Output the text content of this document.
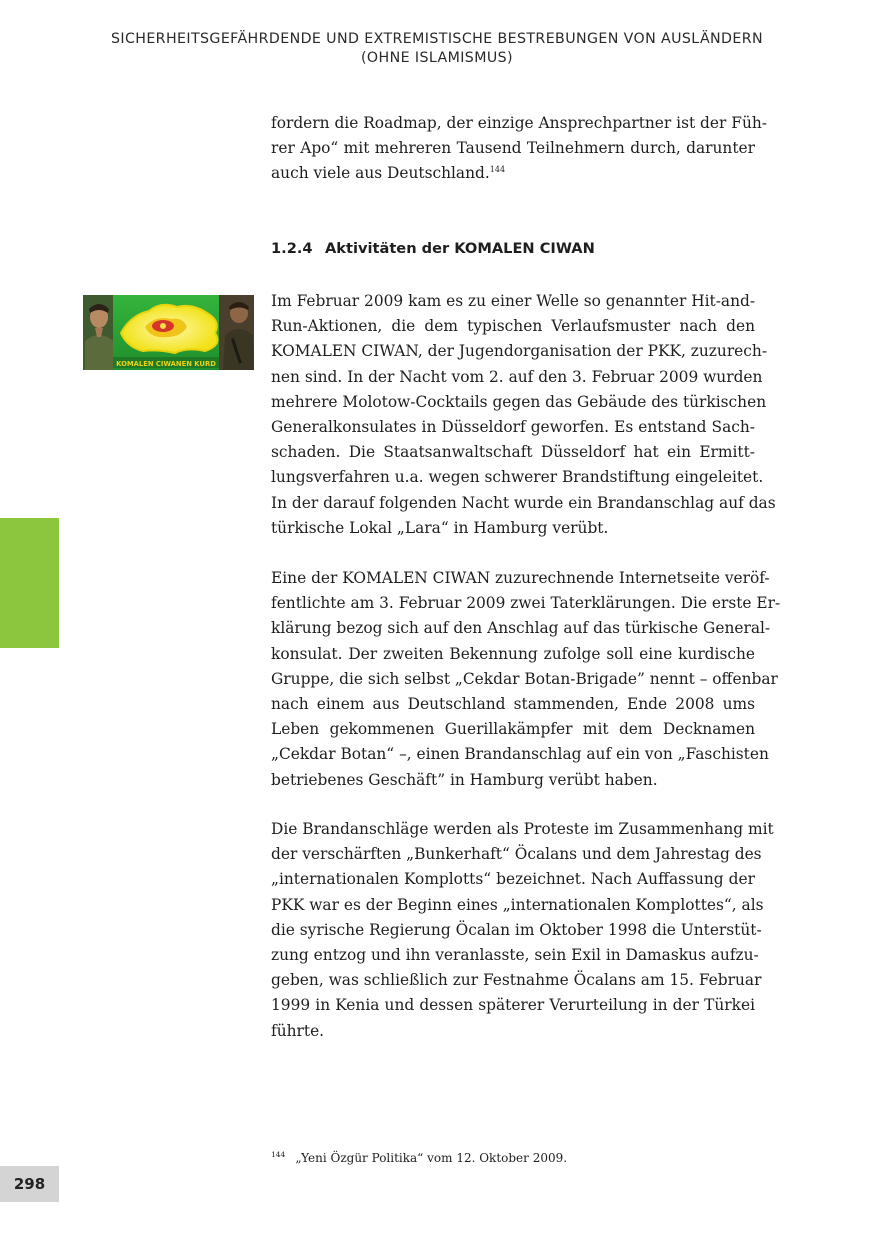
SICHERHEITSGEFÄHRDENDE UND EXTREMISTISCHE BESTREBUNGEN VON AUSLÄNDERN
(OHNE ISLAMISMUS)
fordern die Roadmap, der einzige Ansprechpartner ist der Füh-
rer Apo“ mit mehreren Tausend Teilnehmern durch, darunter
auch viele aus Deutschland.$^{144}$
1.2.4 Aktivitäten der KOMALEN CIWAN
KOMALEN CIWANEN KURD
Im Februar 2009 kam es zu einer Welle so genannter Hit-and-
Run-Aktionen, die dem typischen Verlaufsmuster nach den
KOMALEN CIWAN, der Jugendorganisation der PKK, zuzurech-
nen sind. In der Nacht vom 2. auf den 3. Februar 2009 wurden
mehrere Molotow-Cocktails gegen das Gebäude des türkischen
Generalkonsulates in Düsseldorf geworfen. Es entstand Sach-
schaden. Die Staatsanwaltschaft Düsseldorf hat ein Ermitt-
lungsverfahren u.a. wegen schwerer Brandstiftung eingeleitet.
In der darauf folgenden Nacht wurde ein Brandanschlag auf das
türkische Lokal „Lara“ in Hamburg verübt.
Eine der KOMALEN CIWAN zuzurechnende Internetseite veröf-
fentlichte am 3. Februar 2009 zwei Taterklärungen. Die erste Er-
klärung bezog sich auf den Anschlag auf das türkische General-
konsulat. Der zweiten Bekennung zufolge soll eine kurdische
Gruppe, die sich selbst „Cekdar Botan-Brigade” nennt – offenbar
nach einem aus Deutschland stammenden, Ende 2008 ums
Leben gekommenen Guerillakämpfer mit dem Decknamen
„Cekdar Botan“ –, einen Brandanschlag auf ein von „Faschisten
betriebenes Geschäft” in Hamburg verübt haben.
Die Brandanschläge werden als Proteste im Zusammenhang mit
der verschärften „Bunkerhaft“ Öcalans und dem Jahrestag des
„internationalen Komplotts“ bezeichnet. Nach Auffassung der
PKK war es der Beginn eines „internationalen Komplottes“, als
die syrische Regierung Öcalan im Oktober 1998 die Unterstüt-
zung entzog und ihn veranlasste, sein Exil in Damaskus aufzu-
geben, was schließlich zur Festnahme Öcalans am 15. Februar
1999 in Kenia und dessen späterer Verurteilung in der Türkei
führte.
$^{144}$ „Yeni Özgür Politika“ vom 12. Oktober 2009.
298
